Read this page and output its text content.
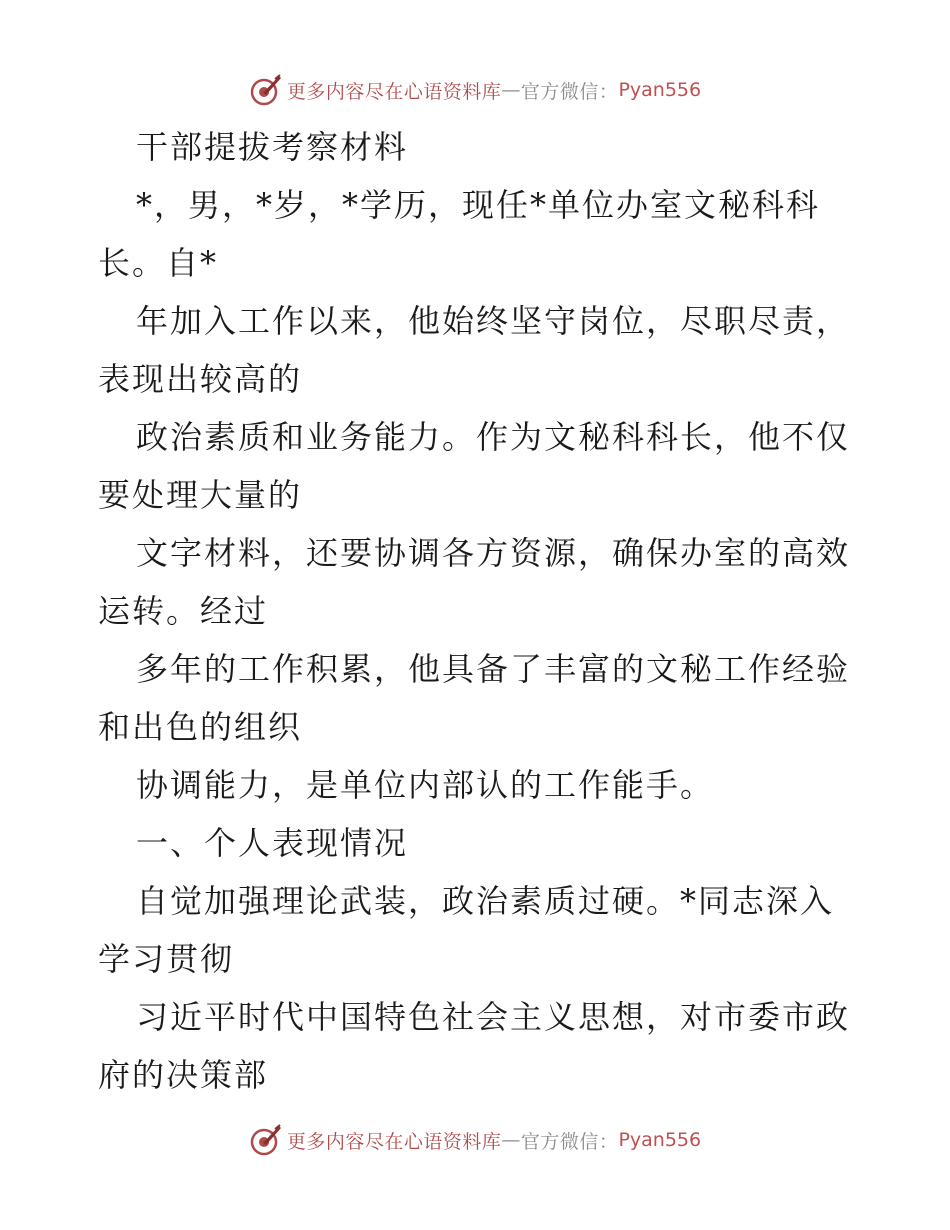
更多内容尽在心语资料库 — 官方微信： Pyan556
干部提拔考察材料
*，男，*岁，*学历，现任*单位办室文秘科科
长。自*
年加入工作以来，他始终坚守岗位，尽职尽责，
表现出较高的
政治素质和业务能力。作为文秘科科长，他不仅
要处理大量的
文字材料，还要协调各方资源，确保办室的高效
运转。经过
多年的工作积累，他具备了丰富的文秘工作经验
和出色的组织
协调能力，是单位内部认的工作能手。
一、个人表现情况
自觉加强理论武装，政治素质过硬。*同志深入
学习贯彻
习近平时代中国特色社会主义思想，对市委市政
府的决策部
更多内容尽在心语资料库 — 官方微信： Pyan556
